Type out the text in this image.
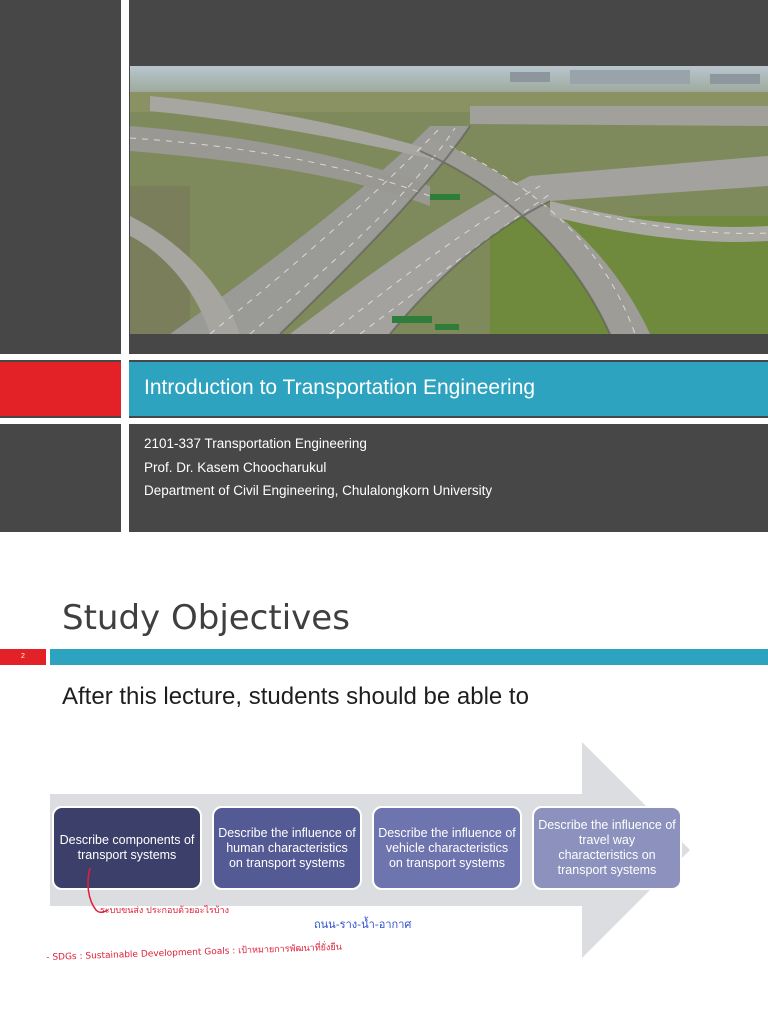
Introduction to Transportation Engineering
2101-337 Transportation Engineering
Prof. Dr. Kasem Choocharukul
Department of Civil Engineering, Chulalongkorn University
Study Objectives
2
After this lecture, students should be able to
Describe components of transport systems
Describe the influence of human characteristics on transport systems
Describe the influence of vehicle characteristics on transport systems
Describe the influence of travel way characteristics on transport systems
ระบบขนส่ง ประกอบด้วยอะไรบ้าง
ถนน-ราง-น้ำ-อากาศ
- SDGs : Sustainable Development Goals : เป้าหมายการพัฒนาที่ยั่งยืน
